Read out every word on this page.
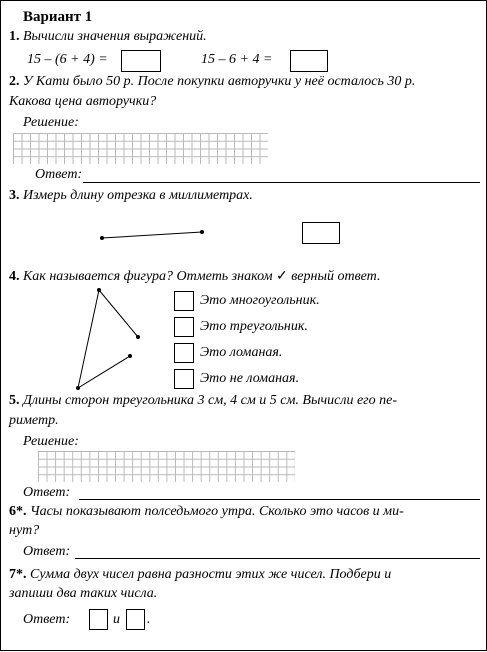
Вариант 1
1. Вычисли значения выражений.
15 – (6 + 4) =	15 – 6 + 4 =
2. У Кати было 50 р. После покупки авторучки у неё осталось 30 р.
Какова цена авторучки?
Решение:
Ответ:
3. Измерь длину отрезка в миллиметрах.
4. Как называется фигура? Отметь знаком ✓ верный ответ.
Это многоугольник.
Это треугольник.
Это ломаная.
Это не ломаная.
5. Длины сторон треугольника 3 см, 4 см и 5 см. Вычисли его пе-
риметр.
Решение:
Ответ:
6*. Часы показывают полседьмого утра. Сколько это часов и ми-
нут?
Ответ:
7*. Сумма двух чисел равна разности этих же чисел. Подбери и
запиши два таких числа.
Ответ:	и .
